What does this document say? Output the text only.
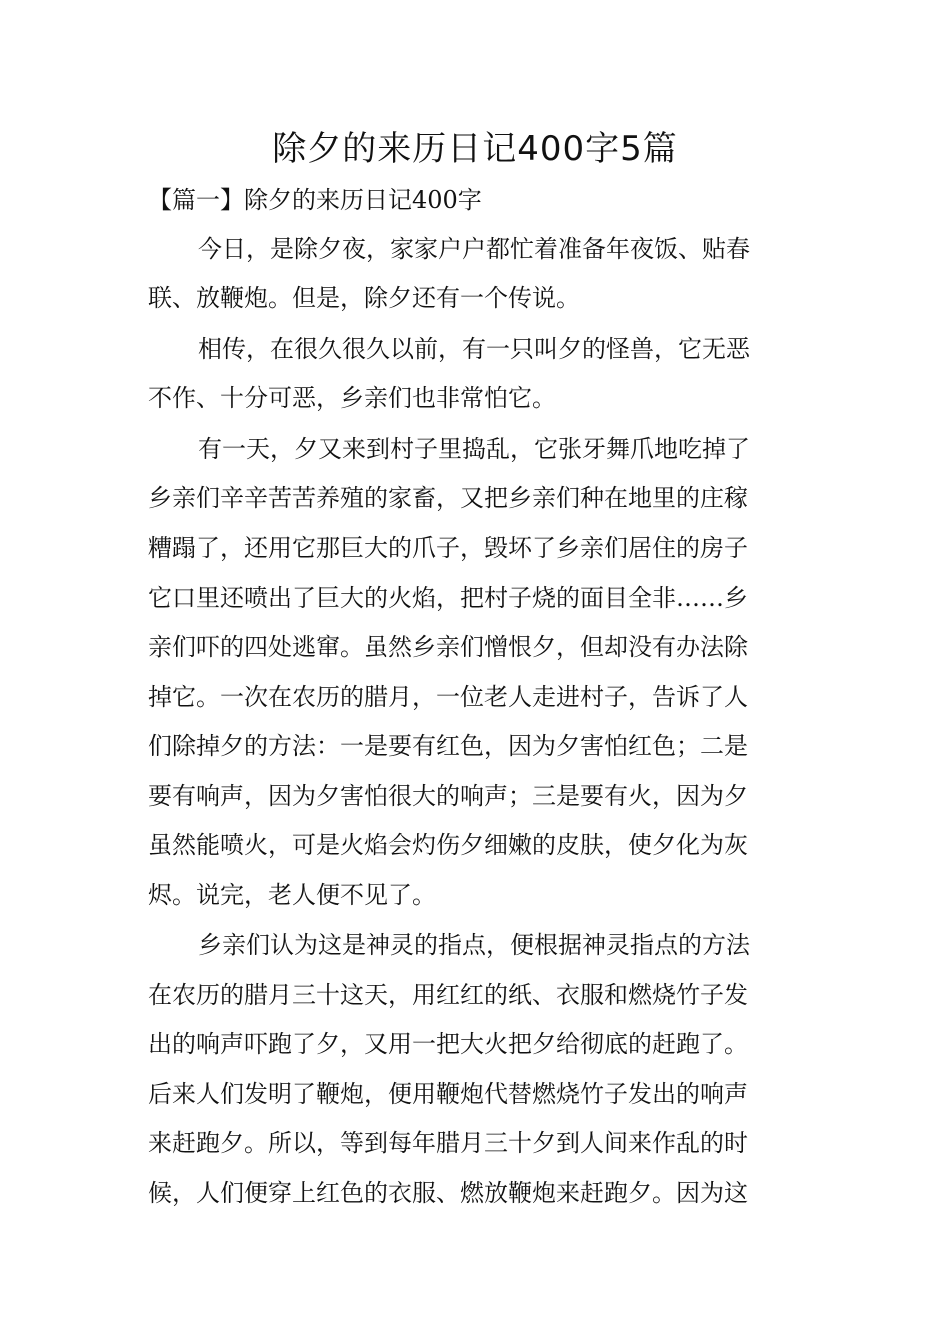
除夕的来历日记400字5篇
【篇一】除夕的来历日记400字
今日，是除夕夜，家家户户都忙着准备年夜饭、贴春
联、放鞭炮。但是，除夕还有一个传说。
相传，在很久很久以前，有一只叫夕的怪兽，它无恶
不作、十分可恶，乡亲们也非常怕它。
有一天，夕又来到村子里捣乱，它张牙舞爪地吃掉了
乡亲们辛辛苦苦养殖的家畜，又把乡亲们种在地里的庄稼
糟蹋了，还用它那巨大的爪子，毁坏了乡亲们居住的房子
它口里还喷出了巨大的火焰，把村子烧的面目全非……乡
亲们吓的四处逃窜。虽然乡亲们憎恨夕，但却没有办法除
掉它。一次在农历的腊月，一位老人走进村子，告诉了人
们除掉夕的方法：一是要有红色，因为夕害怕红色；二是
要有响声，因为夕害怕很大的响声；三是要有火，因为夕
虽然能喷火，可是火焰会灼伤夕细嫩的皮肤，使夕化为灰
烬。说完，老人便不见了。
乡亲们认为这是神灵的指点，便根据神灵指点的方法
在农历的腊月三十这天，用红红的纸、衣服和燃烧竹子发
出的响声吓跑了夕，又用一把大火把夕给彻底的赶跑了。
后来人们发明了鞭炮，便用鞭炮代替燃烧竹子发出的响声
来赶跑夕。所以，等到每年腊月三十夕到人间来作乱的时
候，人们便穿上红色的衣服、燃放鞭炮来赶跑夕。因为这
